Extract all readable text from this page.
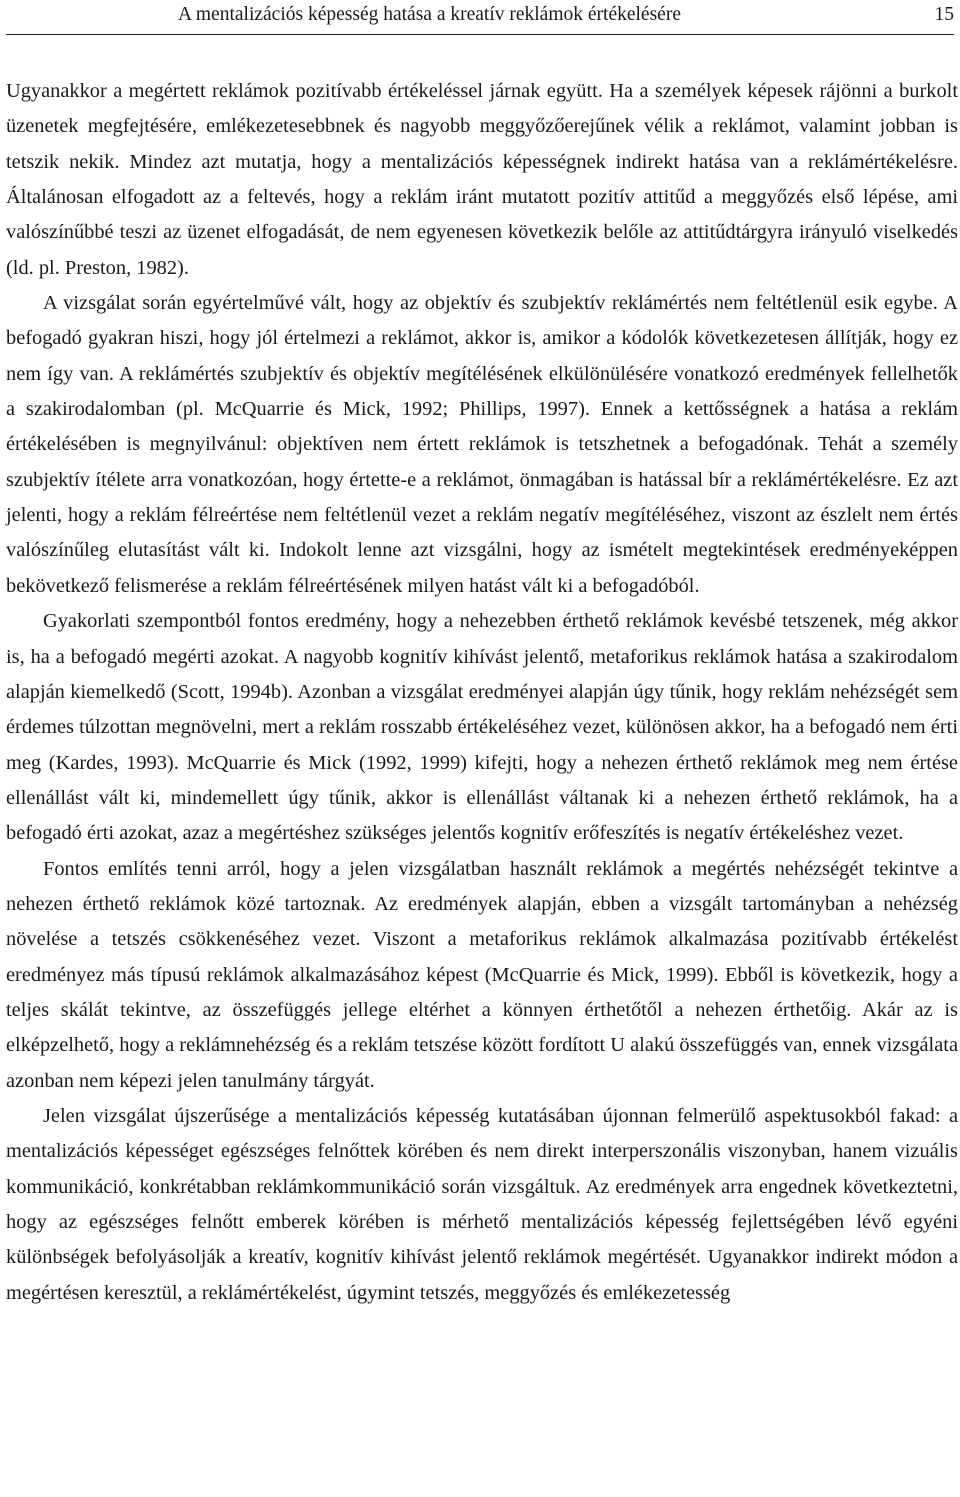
A mentalizációs képesség hatása a kreatív reklámok értékelésére	15

Ugyanakkor a megértett reklámok pozitívabb értékeléssel járnak együtt. Ha a személyek képesek rájönni a burkolt üzenetek megfejtésére, emlékezetesebbnek és nagyobb meggyőzőerejűnek vélik a reklámot, valamint jobban is tetszik nekik. Mindez azt mutatja, hogy a mentalizációs képességnek indirekt hatása van a reklámértékelésre. Általánosan elfogadott az a feltevés, hogy a reklám iránt mutatott pozitív attitűd a meggyőzés első lépése, ami valószínűbbé teszi az üzenet elfogadását, de nem egyenesen következik belőle az attitűdtárgyra irányuló viselkedés (ld. pl. Preston, 1982).

A vizsgálat során egyértelművé vált, hogy az objektív és szubjektív reklámértés nem feltétlenül esik egybe. A befogadó gyakran hiszi, hogy jól értelmezi a reklámot, akkor is, amikor a kódolók következetesen állítják, hogy ez nem így van. A reklámértés szubjektív és objektív megítélésének elkülönülésére vonatkozó eredmények fellelhetők a szakirodalomban (pl. McQuarrie és Mick, 1992; Phillips, 1997). Ennek a kettősségnek a hatása a reklám értékelésében is megnyilvánul: objektíven nem értett reklámok is tetszhetnek a befogadónak. Tehát a személy szubjektív ítélete arra vonatkozóan, hogy értette-e a reklámot, önmagában is hatással bír a reklámértékelésre. Ez azt jelenti, hogy a reklám félreértése nem feltétlenül vezet a reklám negatív megítéléséhez, viszont az észlelt nem értés valószínűleg elutasítást vált ki. Indokolt lenne azt vizsgálni, hogy az ismételt megtekintések eredményeképpen bekövetkező felismerése a reklám félreértésének milyen hatást vált ki a befogadóból.

Gyakorlati szempontból fontos eredmény, hogy a nehezebben érthető reklámok kevésbé tetszenek, még akkor is, ha a befogadó megérti azokat. A nagyobb kognitív kihívást jelentő, metaforikus reklámok hatása a szakirodalom alapján kiemelkedő (Scott, 1994b). Azonban a vizsgálat eredményei alapján úgy tűnik, hogy reklám nehézségét sem érdemes túlzottan megnövelni, mert a reklám rosszabb értékeléséhez vezet, különösen akkor, ha a befogadó nem érti meg (Kardes, 1993). McQuarrie és Mick (1992, 1999) kifejti, hogy a nehezen érthető reklámok meg nem értése ellenállást vált ki, mindemellett úgy tűnik, akkor is ellenállást váltanak ki a nehezen érthető reklámok, ha a befogadó érti azokat, azaz a megértéshez szükséges jelentős kognitív erőfeszítés is negatív értékeléshez vezet.

Fontos említés tenni arról, hogy a jelen vizsgálatban használt reklámok a megértés nehézségét tekintve a nehezen érthető reklámok közé tartoznak. Az eredmények alapján, ebben a vizsgált tartományban a nehézség növelése a tetszés csökkenéséhez vezet. Viszont a metaforikus reklámok alkalmazása pozitívabb értékelést eredményez más típusú reklámok alkalmazásához képest (McQuarrie és Mick, 1999). Ebből is következik, hogy a teljes skálát tekintve, az összefüggés jellege eltérhet a könnyen érthetőtől a nehezen érthetőig. Akár az is elképzelhető, hogy a reklámnehézség és a reklám tetszése között fordított U alakú összefüggés van, ennek vizsgálata azonban nem képezi jelen tanulmány tárgyát.

Jelen vizsgálat újszerűsége a mentalizációs képesség kutatásában újonnan felmerülő aspektusokból fakad: a mentalizációs képességet egészséges felnőttek körében és nem direkt interperszonális viszonyban, hanem vizuális kommunikáció, konkrétabban reklámkommunikáció során vizsgáltuk. Az eredmények arra engednek következtetni, hogy az egészséges felnőtt emberek körében is mérhető mentalizációs képesség fejlettségében lévő egyéni különbségek befolyásolják a kreatív, kognitív kihívást jelentő reklámok megértését. Ugyanakkor indirekt módon a megértésen keresztül, a reklámértékelést, úgymint tetszés, meggyőzés és emlékezetesség
